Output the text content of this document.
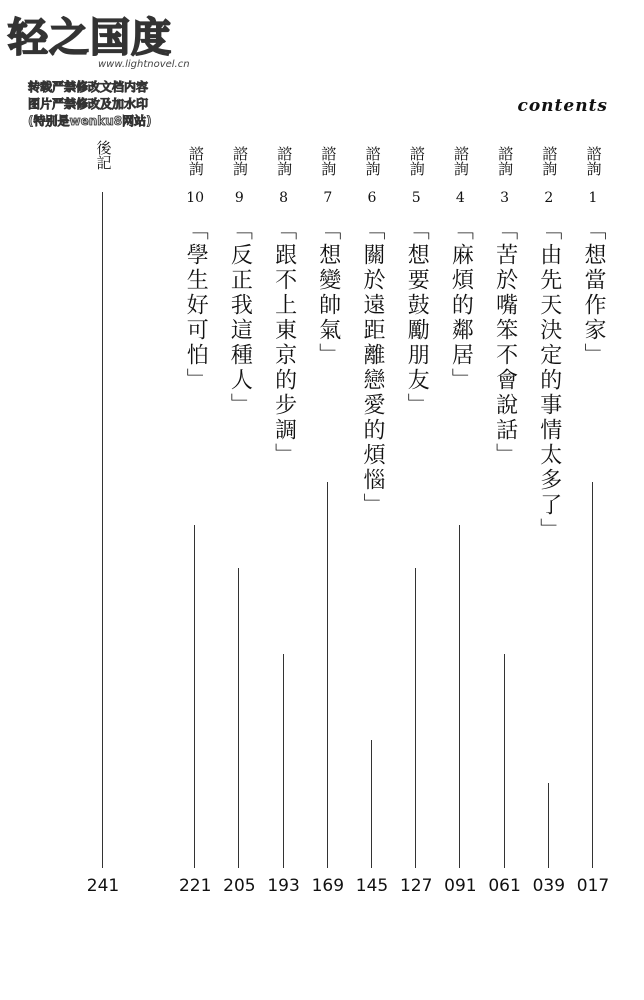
轻之国度
www.lightnovel.cn
转载严禁修改文档内容
图片严禁修改及加水印
(特别是wenku8网站)
contents
諮詢
1
「想當作家」
017
諮詢
2
「由先天決定的事情太多了」
039
諮詢
3
「苦於嘴笨不會說話」
061
諮詢
4
「麻煩的鄰居」
091
諮詢
5
「想要鼓勵朋友」
127
諮詢
6
「關於遠距離戀愛的煩惱」
145
諮詢
7
「想變帥氣」
169
諮詢
8
「跟不上東京的步調」
193
諮詢
9
「反正我這種人」
205
諮詢
10
「學生好可怕」
221
後記
241
